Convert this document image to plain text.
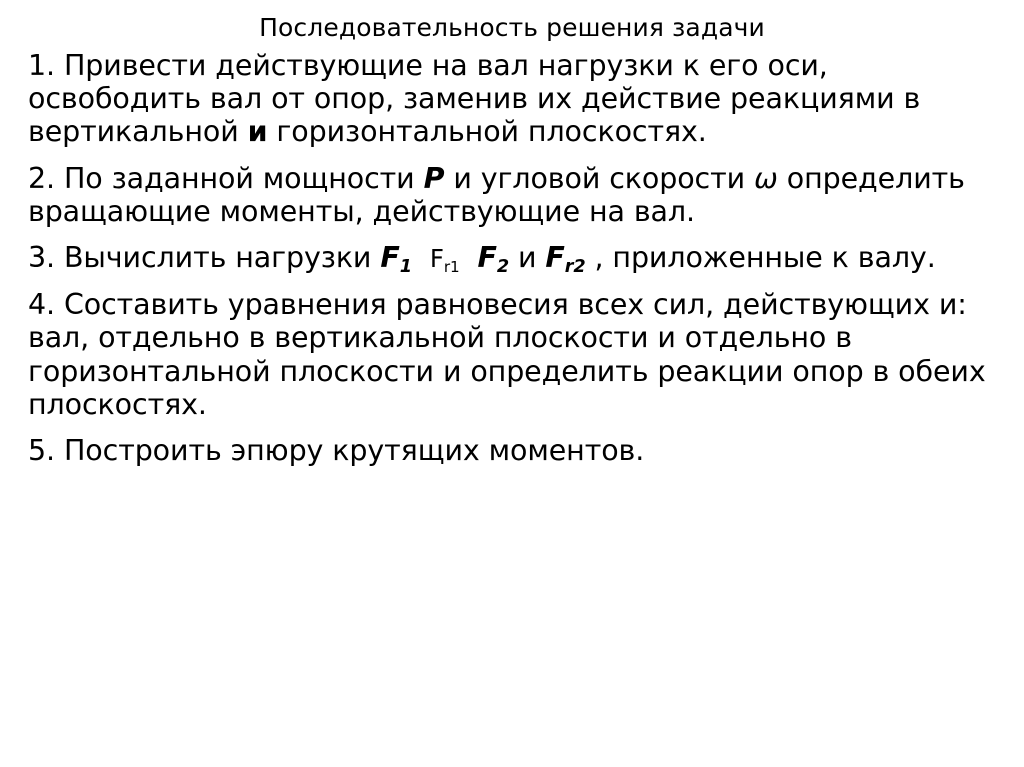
Последовательность решения задачи
1. Привести действующие на вал нагрузки к его оси, освободить вал от опор, заменив их действие реакциями в вертикальной и горизонтальной плоскостях.
2. По заданной мощности P и угловой скорости ω определить вращающие моменты, действующие на вал.
3. Вычислить нагрузки $F_1$ $F_{r1}$ $F_2$ и $F_{r2}$ , приложенные к валу.
4. Составить уравнения равновесия всех сил, действующих и: вал, отдельно в вертикальной плоскости и отдельно в горизонтальной плоскости и определить реакции опор в обеих плоскостях.
5. Построить эпюру крутящих моментов.
